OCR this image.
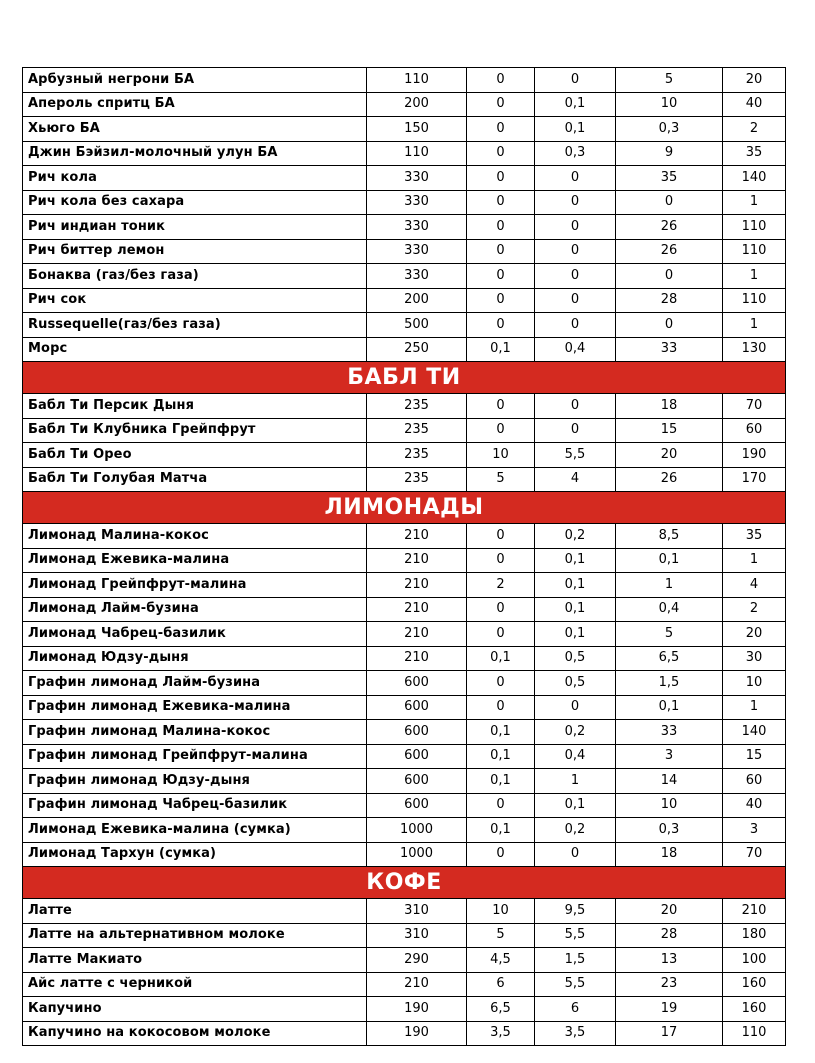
Арбузный негрони БА	110	0	0	5	20
Апероль спритц БА	200	0	0,1	10	40
Хьюго БА	150	0	0,1	0,3	2
Джин Бэйзил-молочный улун БА	110	0	0,3	9	35
Рич кола	330	0	0	35	140
Рич кола без сахара	330	0	0	0	1
Рич индиан тоник	330	0	0	26	110
Рич биттер лемон	330	0	0	26	110
Бонаква (газ/без газа)	330	0	0	0	1
Рич сок	200	0	0	28	110
Russequelle(газ/без газа)	500	0	0	0	1
Морс	250	0,1	0,4	33	130
БАБЛ ТИ					
Бабл Ти Персик Дыня	235	0	0	18	70
Бабл Ти Клубника Грейпфрут	235	0	0	15	60
Бабл Ти Орео	235	10	5,5	20	190
Бабл Ти Голубая Матча	235	5	4	26	170
ЛИМОНАДЫ					
Лимонад Малина-кокос	210	0	0,2	8,5	35
Лимонад Ежевика-малина	210	0	0,1	0,1	1
Лимонад Грейпфрут-малина	210	2	0,1	1	4
Лимонад Лайм-бузина	210	0	0,1	0,4	2
Лимонад Чабрец-базилик	210	0	0,1	5	20
Лимонад Юдзу-дыня	210	0,1	0,5	6,5	30
Графин лимонад Лайм-бузина	600	0	0,5	1,5	10
Графин лимонад Ежевика-малина	600	0	0	0,1	1
Графин лимонад Малина-кокос	600	0,1	0,2	33	140
Графин лимонад Грейпфрут-малина	600	0,1	0,4	3	15
Графин лимонад Юдзу-дыня	600	0,1	1	14	60
Графин лимонад Чабрец-базилик	600	0	0,1	10	40
Лимонад Ежевика-малина (сумка)	1000	0,1	0,2	0,3	3
Лимонад Тархун (сумка)	1000	0	0	18	70
КОФЕ					
Латте	310	10	9,5	20	210
Латте на альтернативном молоке	310	5	5,5	28	180
Латте Макиато	290	4,5	1,5	13	100
Айс латте с черникой	210	6	5,5	23	160
Капучино	190	6,5	6	19	160
Капучино на кокосовом молоке	190	3,5	3,5	17	110
